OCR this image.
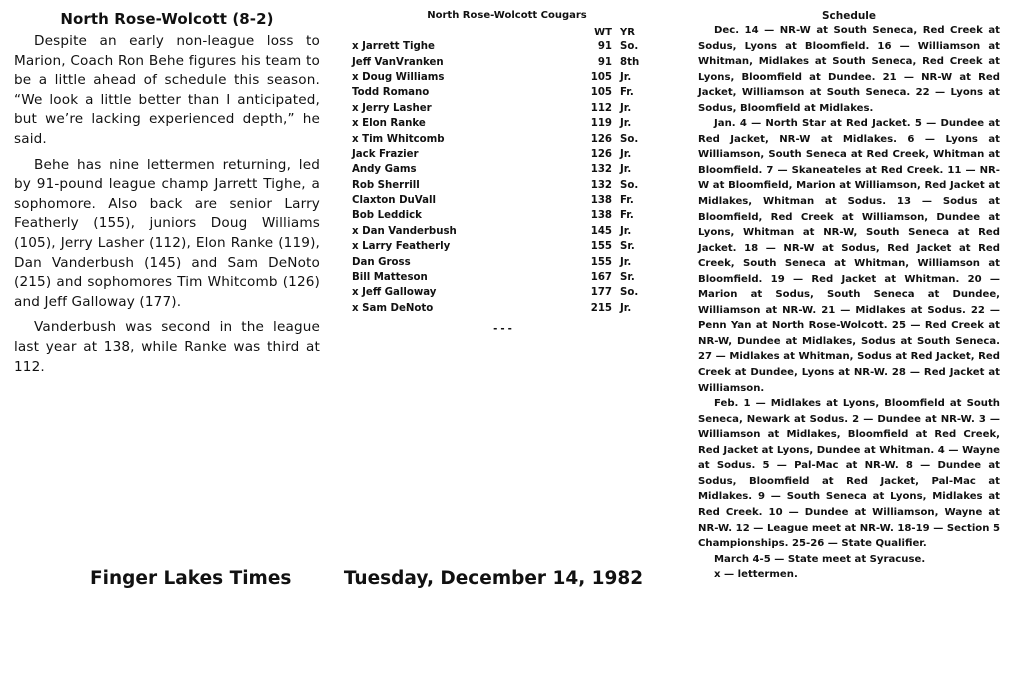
North Rose-Wolcott (8-2)

Despite an early non-league loss to Marion, Coach Ron Behe figures his team to be a little ahead of schedule this season. “We look a little better than I anticipated, but we’re lacking experienced depth,” he said.

Behe has nine lettermen returning, led by 91-pound league champ Jarrett Tighe, a sophomore. Also back are senior Larry Featherly (155), juniors Doug Williams (105), Jerry Lasher (112), Elon Ranke (119), Dan Vanderbush (145) and Sam DeNoto (215) and sophomores Tim Whitcomb (126) and Jeff Galloway (177).

Vanderbush was second in the league last year at 138, while Ranke was third at 112.

North Rose-Wolcott Cougars
	WT	YR
x Jarrett Tighe	91	So.
Jeff VanVranken	91	8th
x Doug Williams	105	Jr.
Todd Romano	105	Fr.
x Jerry Lasher	112	Jr.
x Elon Ranke	119	Jr.
x Tim Whitcomb	126	So.
Jack Frazier	126	Jr.
Andy Gams	132	Jr.
Rob Sherrill	132	So.
Claxton DuVall	138	Fr.
Bob Leddick	138	Fr.
x Dan Vanderbush	145	Jr.
x Larry Featherly	155	Sr.
Dan Gross	155	Jr.
Bill Matteson	167	Sr.
x Jeff Galloway	177	So.
x Sam DeNoto	215	Jr.
---
Schedule

Dec. 14 — NR-W at South Seneca, Red Creek at Sodus, Lyons at Bloomfield. 16 — Williamson at Whitman, Midlakes at South Seneca, Red Creek at Lyons, Bloomfield at Dundee. 21 — NR-W at Red Jacket, Williamson at South Seneca. 22 — Lyons at Sodus, Bloomfield at Midlakes.

Jan. 4 — North Star at Red Jacket. 5 — Dundee at Red Jacket, NR-W at Midlakes. 6 — Lyons at Williamson, South Seneca at Red Creek, Whitman at Bloomfield. 7 — Skaneateles at Red Creek. 11 — NR-W at Bloomfield, Marion at Williamson, Red Jacket at Midlakes, Whitman at Sodus. 13 — Sodus at Bloomfield, Red Creek at Williamson, Dundee at Lyons, Whitman at NR-W, South Seneca at Red Jacket. 18 — NR-W at Sodus, Red Jacket at Red Creek, South Seneca at Whitman, Williamson at Bloomfield. 19 — Red Jacket at Whitman. 20 — Marion at Sodus, South Seneca at Dundee, Williamson at NR-W. 21 — Midlakes at Sodus. 22 — Penn Yan at North Rose-Wolcott. 25 — Red Creek at NR-W, Dundee at Midlakes, Sodus at South Seneca. 27 — Midlakes at Whitman, Sodus at Red Jacket, Red Creek at Dundee, Lyons at NR-W. 28 — Red Jacket at Williamson.

Feb. 1 — Midlakes at Lyons, Bloomfield at South Seneca, Newark at Sodus. 2 — Dundee at NR-W. 3 — Williamson at Midlakes, Bloomfield at Red Creek, Red Jacket at Lyons, Dundee at Whitman. 4 — Wayne at Sodus. 5 — Pal-Mac at NR-W. 8 — Dundee at Sodus, Bloomfield at Red Jacket, Pal-Mac at Midlakes. 9 — South Seneca at Lyons, Midlakes at Red Creek. 10 — Dundee at Williamson, Wayne at NR-W. 12 — League meet at NR-W. 18-19 — Section 5 Championships. 25-26 — State Qualifier.

March 4-5 — State meet at Syracuse.

x — lettermen.

Finger Lakes Times	Tuesday, December 14, 1982
